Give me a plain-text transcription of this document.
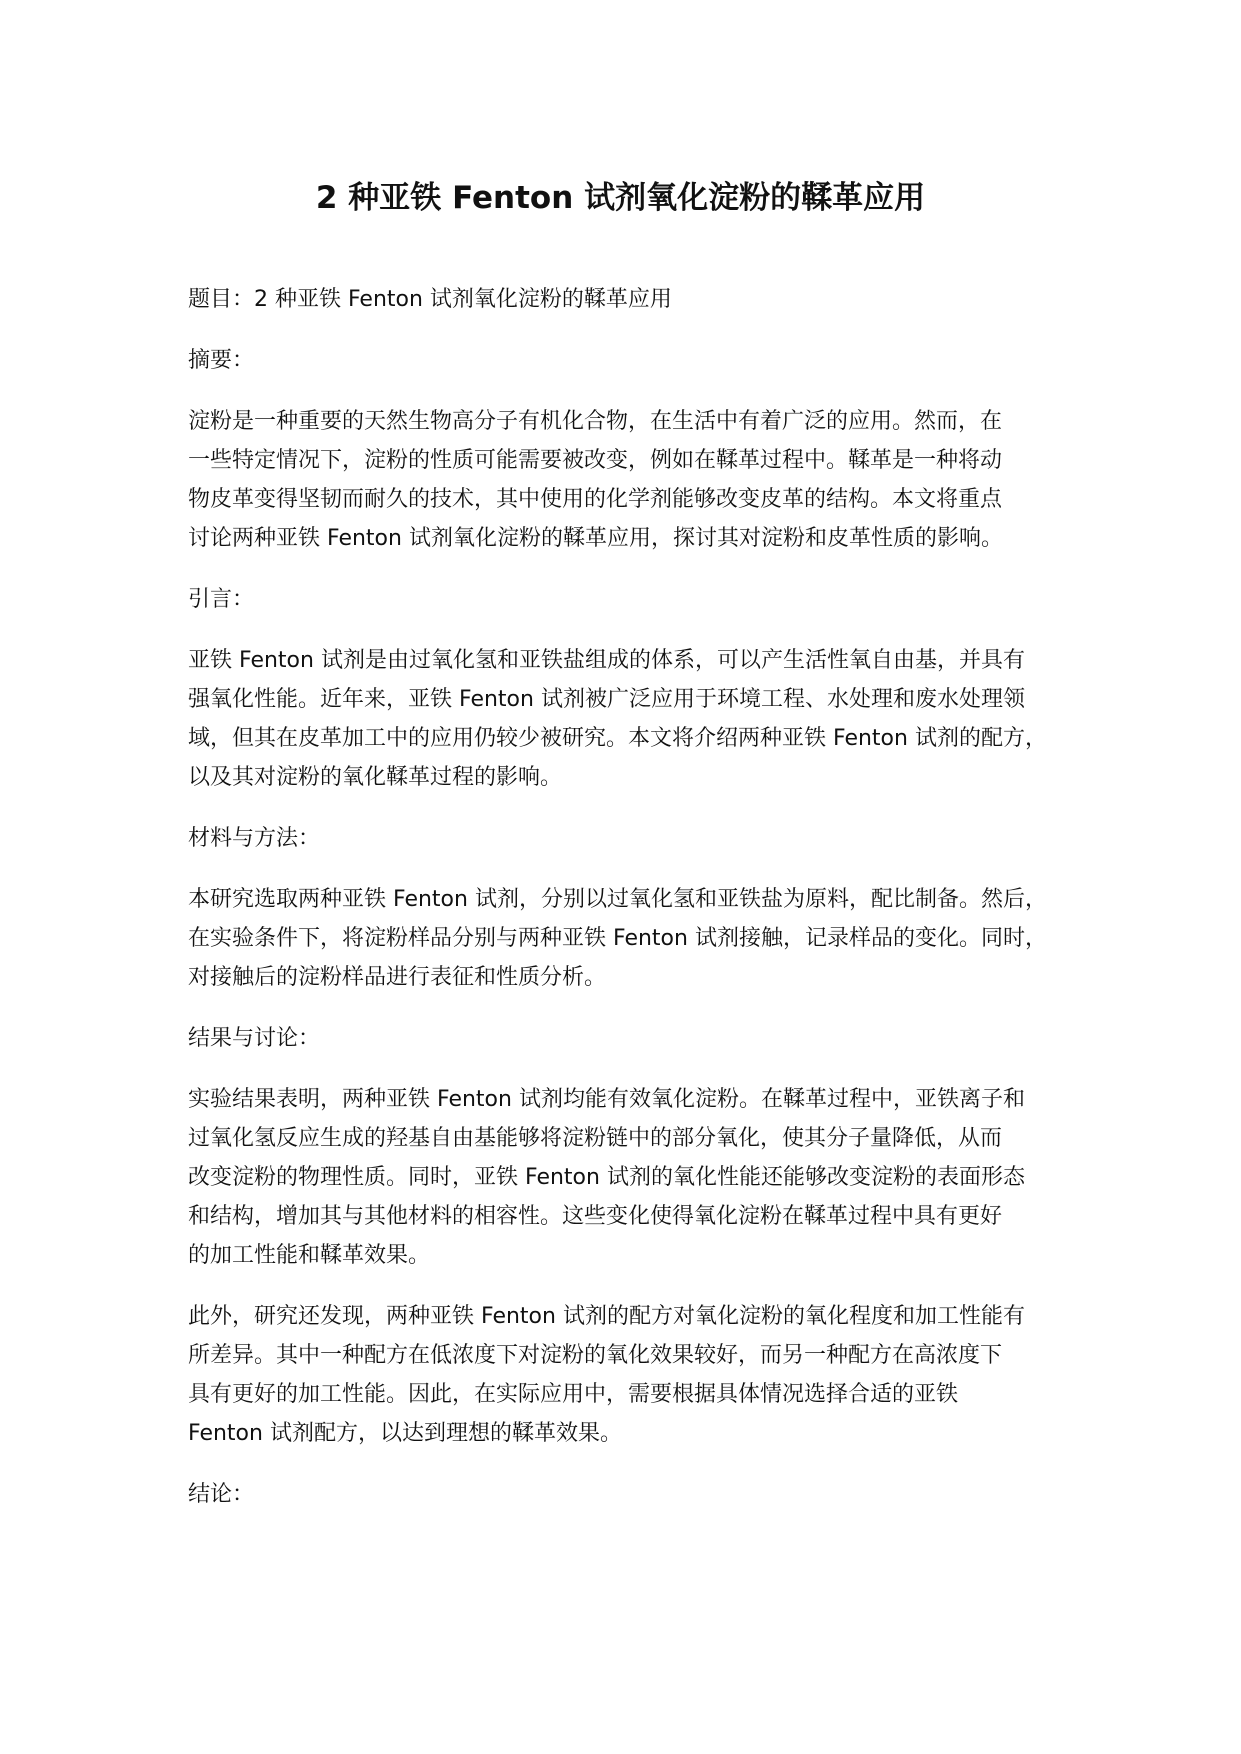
2 种亚铁 Fenton 试剂氧化淀粉的鞣革应用
题目：2 种亚铁 Fenton 试剂氧化淀粉的鞣革应用
摘要：
淀粉是一种重要的天然生物高分子有机化合物，在生活中有着广泛的应用。然而，在
一些特定情况下，淀粉的性质可能需要被改变，例如在鞣革过程中。鞣革是一种将动
物皮革变得坚韧而耐久的技术，其中使用的化学剂能够改变皮革的结构。本文将重点
讨论两种亚铁 Fenton 试剂氧化淀粉的鞣革应用，探讨其对淀粉和皮革性质的影响。
引言：
亚铁 Fenton 试剂是由过氧化氢和亚铁盐组成的体系，可以产生活性氧自由基，并具有
强氧化性能。近年来，亚铁 Fenton 试剂被广泛应用于环境工程、水处理和废水处理领
域，但其在皮革加工中的应用仍较少被研究。本文将介绍两种亚铁 Fenton 试剂的配方，
以及其对淀粉的氧化鞣革过程的影响。
材料与方法：
本研究选取两种亚铁 Fenton 试剂，分别以过氧化氢和亚铁盐为原料，配比制备。然后，
在实验条件下，将淀粉样品分别与两种亚铁 Fenton 试剂接触，记录样品的变化。同时，
对接触后的淀粉样品进行表征和性质分析。
结果与讨论：
实验结果表明，两种亚铁 Fenton 试剂均能有效氧化淀粉。在鞣革过程中，亚铁离子和
过氧化氢反应生成的羟基自由基能够将淀粉链中的部分氧化，使其分子量降低，从而
改变淀粉的物理性质。同时，亚铁 Fenton 试剂的氧化性能还能够改变淀粉的表面形态
和结构，增加其与其他材料的相容性。这些变化使得氧化淀粉在鞣革过程中具有更好
的加工性能和鞣革效果。
此外，研究还发现，两种亚铁 Fenton 试剂的配方对氧化淀粉的氧化程度和加工性能有
所差异。其中一种配方在低浓度下对淀粉的氧化效果较好，而另一种配方在高浓度下
具有更好的加工性能。因此，在实际应用中，需要根据具体情况选择合适的亚铁
Fenton 试剂配方，以达到理想的鞣革效果。
结论：
